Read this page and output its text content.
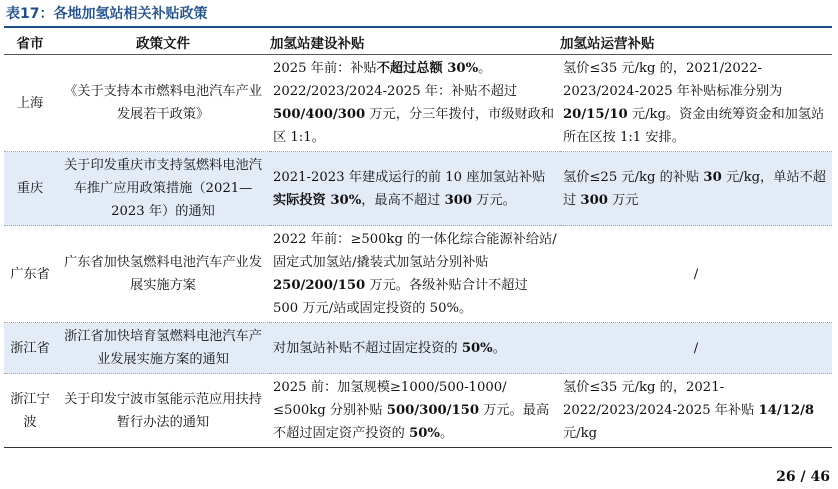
表17：各地加氢站相关补贴政策
省市	政策文件	加氢站建设补贴	加氢站运营补贴
上海	《关于支持本市燃料电池汽车产业发展若干政策》	2025 年前：补贴不超过总额 30%。2022/2023/2024-2025 年：补贴不超过 500/400/300 万元，分三年拨付，市级财政和区 1:1。	氢价≤35 元/kg 的，2021/2022-2023/2024-2025 年补贴标准分别为 20/15/10 元/kg。资金由统筹资金和加氢站所在区按 1:1 安排。
重庆	关于印发重庆市支持氢燃料电池汽车推广应用政策措施（2021—2023 年）的通知	2021-2023 年建成运行的前 10 座加氢站补贴实际投资 30%，最高不超过 300 万元。	氢价≤25 元/kg 的补贴 30 元/kg，单站不超过 300 万元
广东省	广东省加快氢燃料电池汽车产业发展实施方案	2022 年前：≥500kg 的一体化综合能源补给站/固定式加氢站/撬装式加氢站分别补贴 250/200/150 万元。各级补贴合计不超过 500 万元/站或固定投资的 50%。	/
浙江省	浙江省加快培育氢燃料电池汽车产业发展实施方案的通知	对加氢站补贴不超过固定投资的 50%。	/
浙江宁波	关于印发宁波市氢能示范应用扶持暂行办法的通知	2025 前：加氢规模≥1000/500-1000/≤500kg 分别补贴 500/300/150 万元。最高不超过固定资产投资的 50%。	氢价≤35 元/kg 的，2021-2022/2023/2024-2025 年补贴 14/12/8 元/kg
26 / 46
